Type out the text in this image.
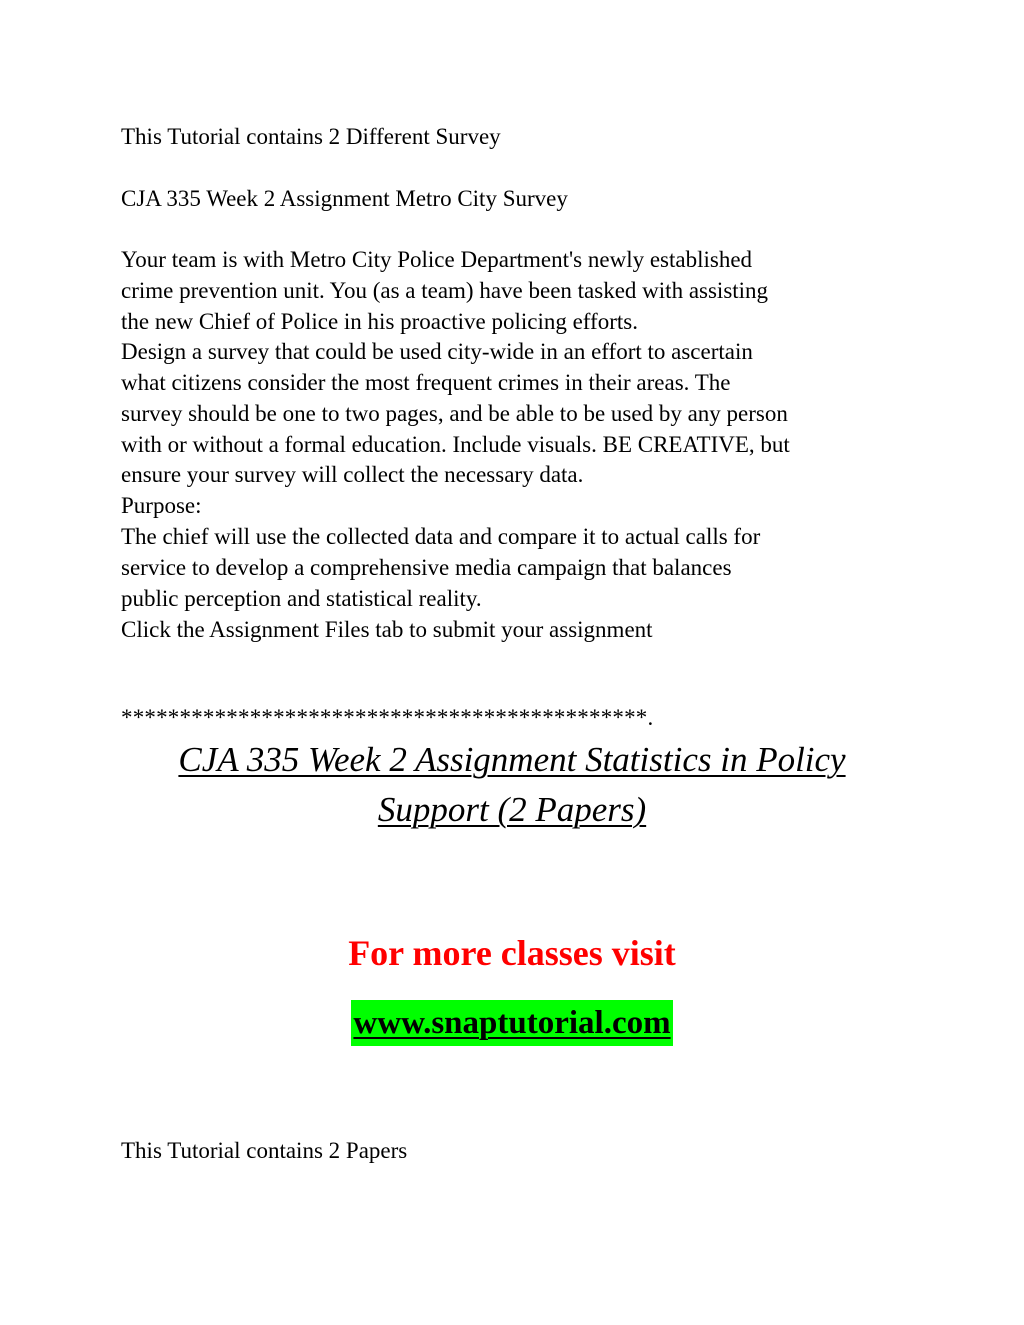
This Tutorial contains 2 Different Survey
CJA 335 Week 2 Assignment Metro City Survey
Your team is with Metro City Police Department's newly established
crime prevention unit. You (as a team) have been tasked with assisting
the new Chief of Police in his proactive policing efforts.
Design a survey that could be used city-wide in an effort to ascertain
what citizens consider the most frequent crimes in their areas. The
survey should be one to two pages, and be able to be used by any person
with or without a formal education. Include visuals. BE CREATIVE, but
ensure your survey will collect the necessary data.
Purpose:
The chief will use the collected data and compare it to actual calls for
service to develop a comprehensive media campaign that balances
public perception and statistical reality.
Click the Assignment Files tab to submit your assignment
*********************************************.
CJA 335 Week 2 Assignment Statistics in Policy
Support (2 Papers)
For more classes visit
www.snaptutorial.com
This Tutorial contains 2 Papers
